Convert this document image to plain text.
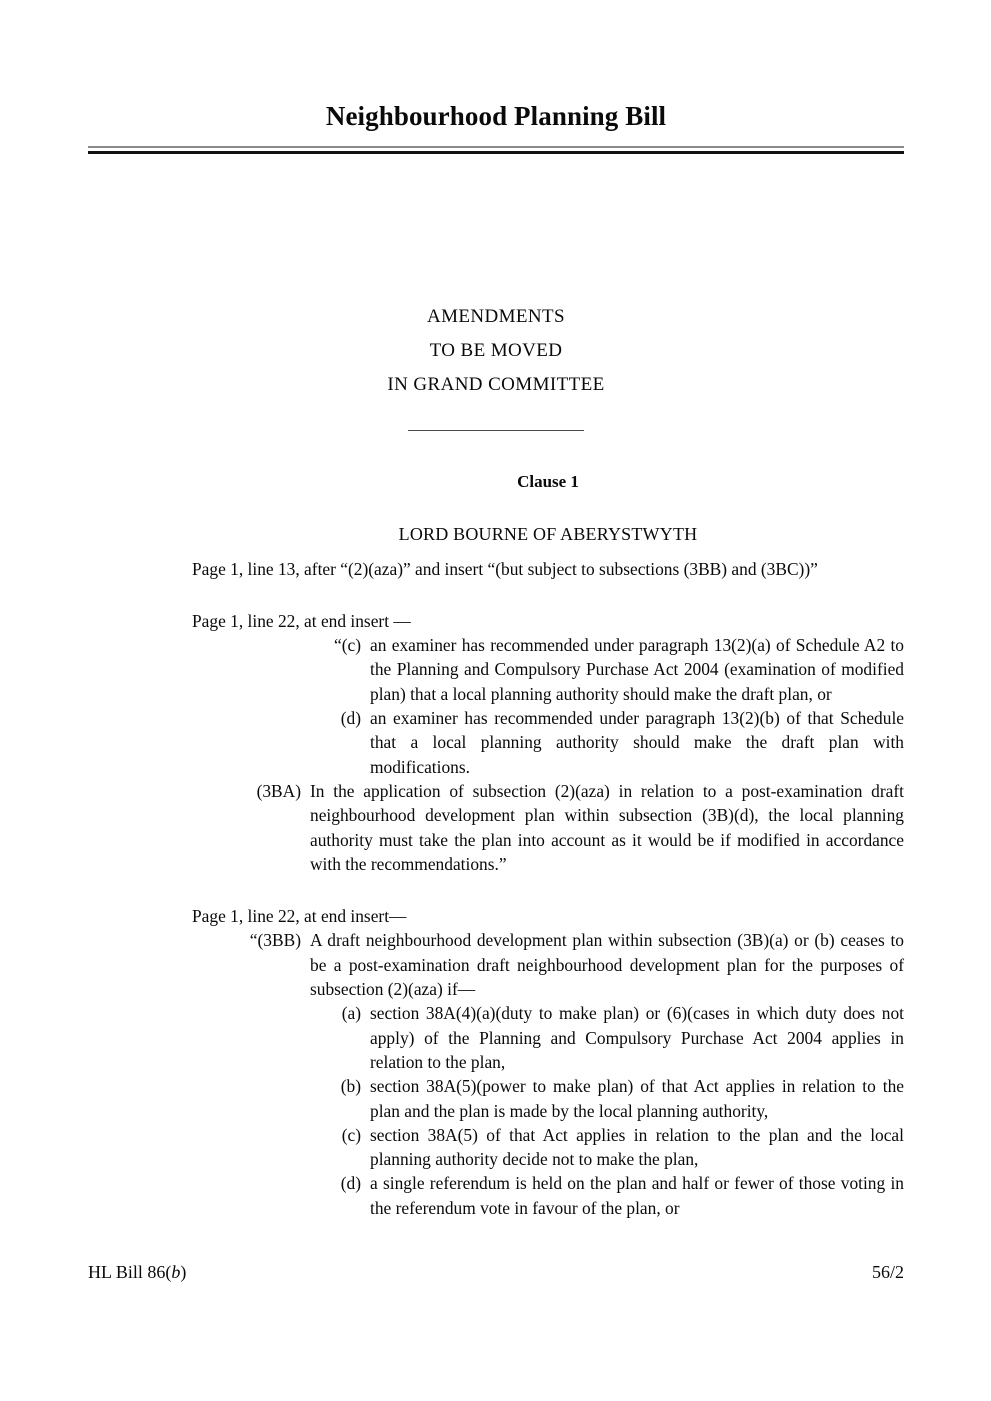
Neighbourhood Planning Bill
AMENDMENTS
TO BE MOVED
IN GRAND COMMITTEE
Clause 1
LORD BOURNE OF ABERYSTWYTH

Page 1, line 13, after “(2)(aza)” and insert “(but subject to subsections (3BB) and (3BC))”

Page 1, line 22, at end insert —

“(c) an examiner has recommended under paragraph 13(2)(a) of Schedule A2 to the Planning and Compulsory Purchase Act 2004 (examination of modified plan) that a local planning authority should make the draft plan, or
(d) an examiner has recommended under paragraph 13(2)(b) of that Schedule that a local planning authority should make the draft plan with modifications.
(3BA) In the application of subsection (2)(aza) in relation to a post-examination draft neighbourhood development plan within subsection (3B)(d), the local planning authority must take the plan into account as it would be if modified in accordance with the recommendations.”

Page 1, line 22, at end insert—

“(3BB) A draft neighbourhood development plan within subsection (3B)(a) or (b) ceases to be a post-examination draft neighbourhood development plan for the purposes of subsection (2)(aza) if—
(a) section 38A(4)(a)(duty to make plan) or (6)(cases in which duty does not apply) of the Planning and Compulsory Purchase Act 2004 applies in relation to the plan,
(b) section 38A(5)(power to make plan) of that Act applies in relation to the plan and the plan is made by the local planning authority,
(c) section 38A(5) of that Act applies in relation to the plan and the local planning authority decide not to make the plan,
(d) a single referendum is held on the plan and half or fewer of those voting in the referendum vote in favour of the plan, or
HL Bill 86(b)	56/2
